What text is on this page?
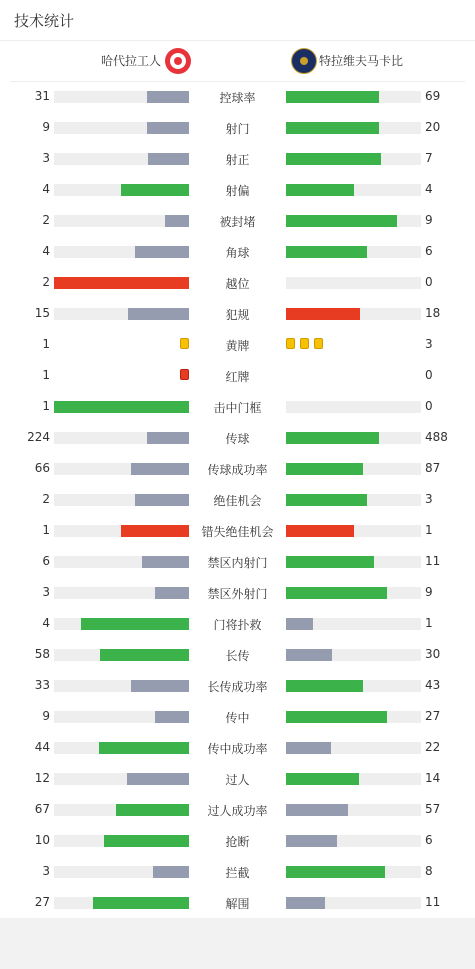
技术统计
哈代拉工人	特拉维夫马卡比
31	控球率	69
9	射门	20
3	射正	7
4	射偏	4
2	被封堵	9
4	角球	6
2	越位	0
15	犯规	18
1	黄牌	3
1	红牌	0
1	击中门框	0
224	传球	488
66	传球成功率	87
2	绝佳机会	3
1	错失绝佳机会	1
6	禁区内射门	11
3	禁区外射门	9
4	门将扑救	1
58	长传	30
33	长传成功率	43
9	传中	27
44	传中成功率	22
12	过人	14
67	过人成功率	57
10	抢断	6
3	拦截	8
27	解围	11
